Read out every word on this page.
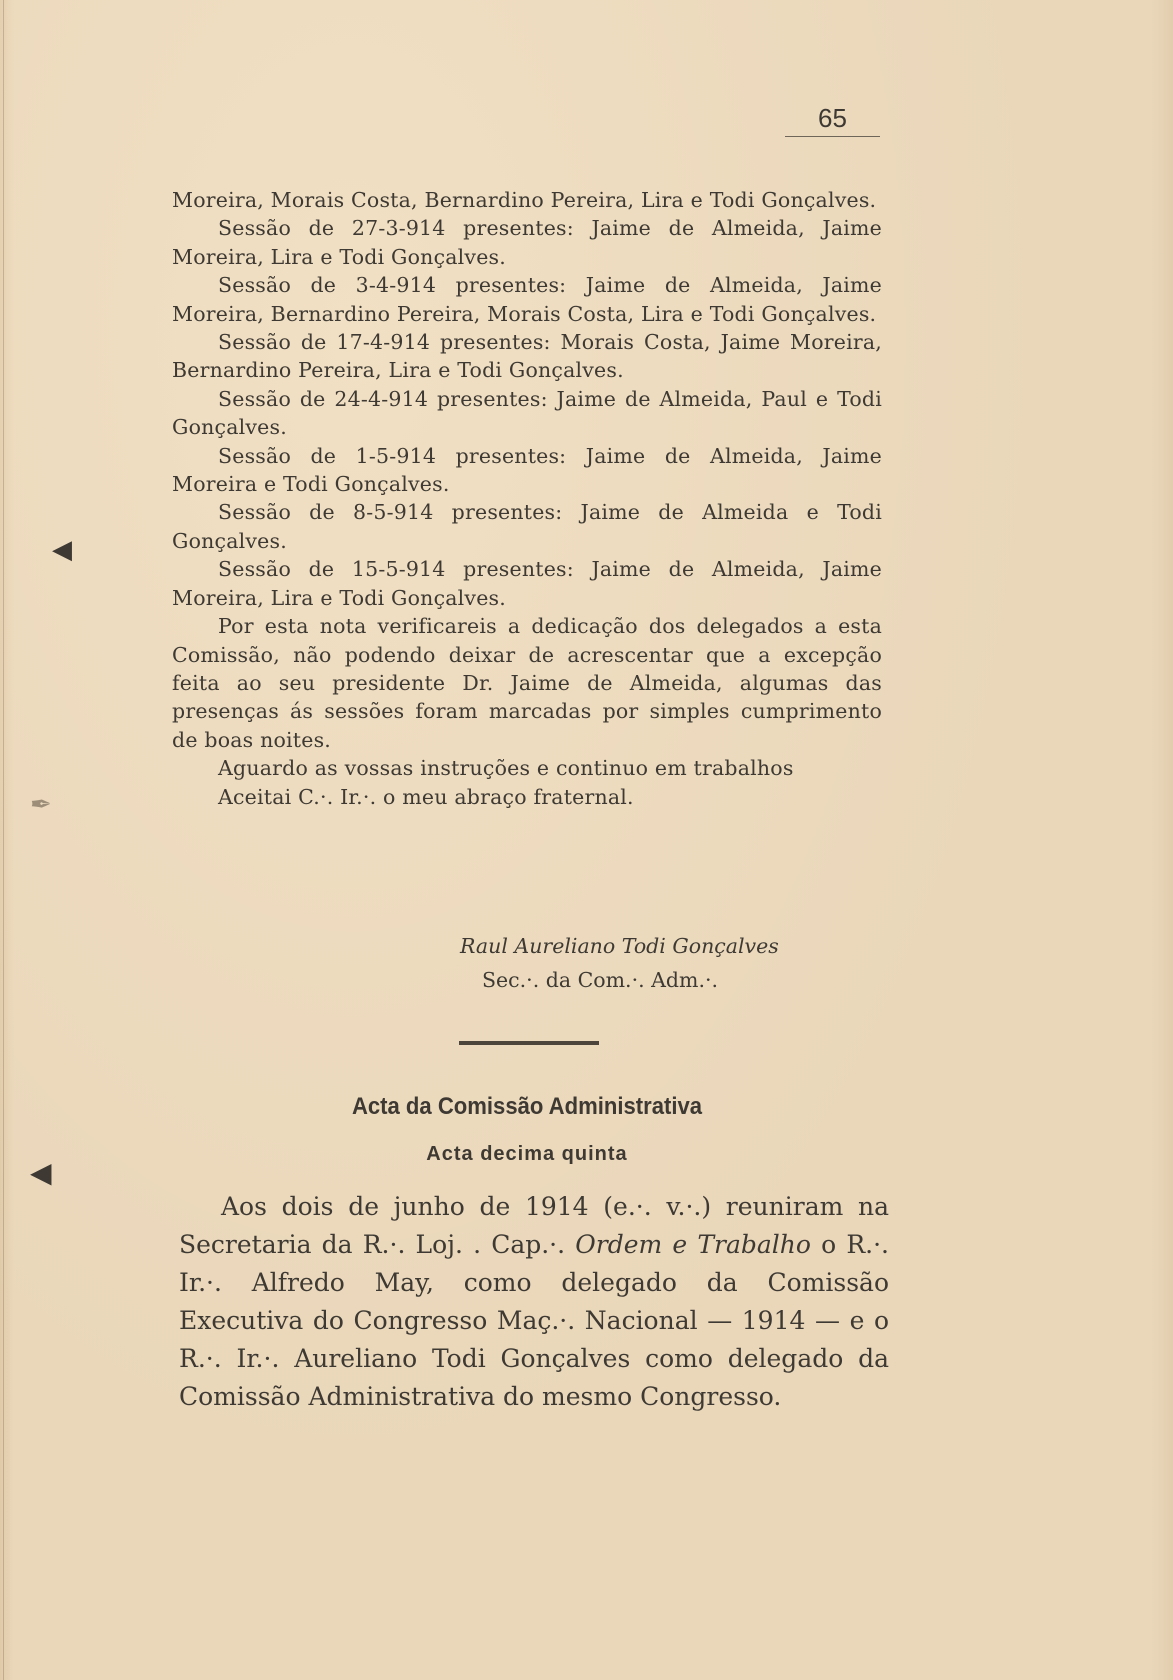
65

Moreira, Morais Costa, Bernardino Pereira, Lira e Todi Gonçalves.

Sessão de 27-3-914 presentes: Jaime de Almeida, Jaime Moreira, Lira e Todi Gonçalves.

Sessão de 3-4-914 presentes: Jaime de Almeida, Jaime Moreira, Bernardino Pereira, Morais Costa, Lira e Todi Gonçalves.

Sessão de 17-4-914 presentes: Morais Costa, Jaime Moreira, Bernardino Pereira, Lira e Todi Gonçalves.

Sessão de 24-4-914 presentes: Jaime de Almeida, Paul e Todi Gonçalves.

Sessão de 1-5-914 presentes: Jaime de Almeida, Jaime Moreira e Todi Gonçalves.

Sessão de 8-5-914 presentes: Jaime de Almeida e Todi Gonçalves.

Sessão de 15-5-914 presentes: Jaime de Almeida, Jaime Moreira, Lira e Todi Gonçalves.

Por esta nota verificareis a dedicação dos delegados a esta Comissão, não podendo deixar de acrescentar que a excepção feita ao seu presidente Dr. Jaime de Almeida, algumas das presenças ás sessões foram marcadas por simples cumprimento de boas noites.

Aguardo as vossas instruções e continuo em trabalhos

Aceitai C.·. Ir.·. o meu abraço fraternal.

Raul Aureliano Todi Gonçalves
Sec.·. da Com.·. Adm.·.
Acta da Comissão Administrativa
Acta decima quinta
Aos dois de junho de 1914 (e.·. v.·.) reuniram na Secretaria da R.·. Loj. . Cap.·. Ordem e Trabalho o R.·. Ir.·. Alfredo May, como delegado da Comissão Executiva do Congresso Maç.·. Nacional — 1914 — e o R.·. Ir.·. Aureliano Todi Gonçalves como delegado da Comissão Administrativa do mesmo Congresso.
◀
✒
◀
